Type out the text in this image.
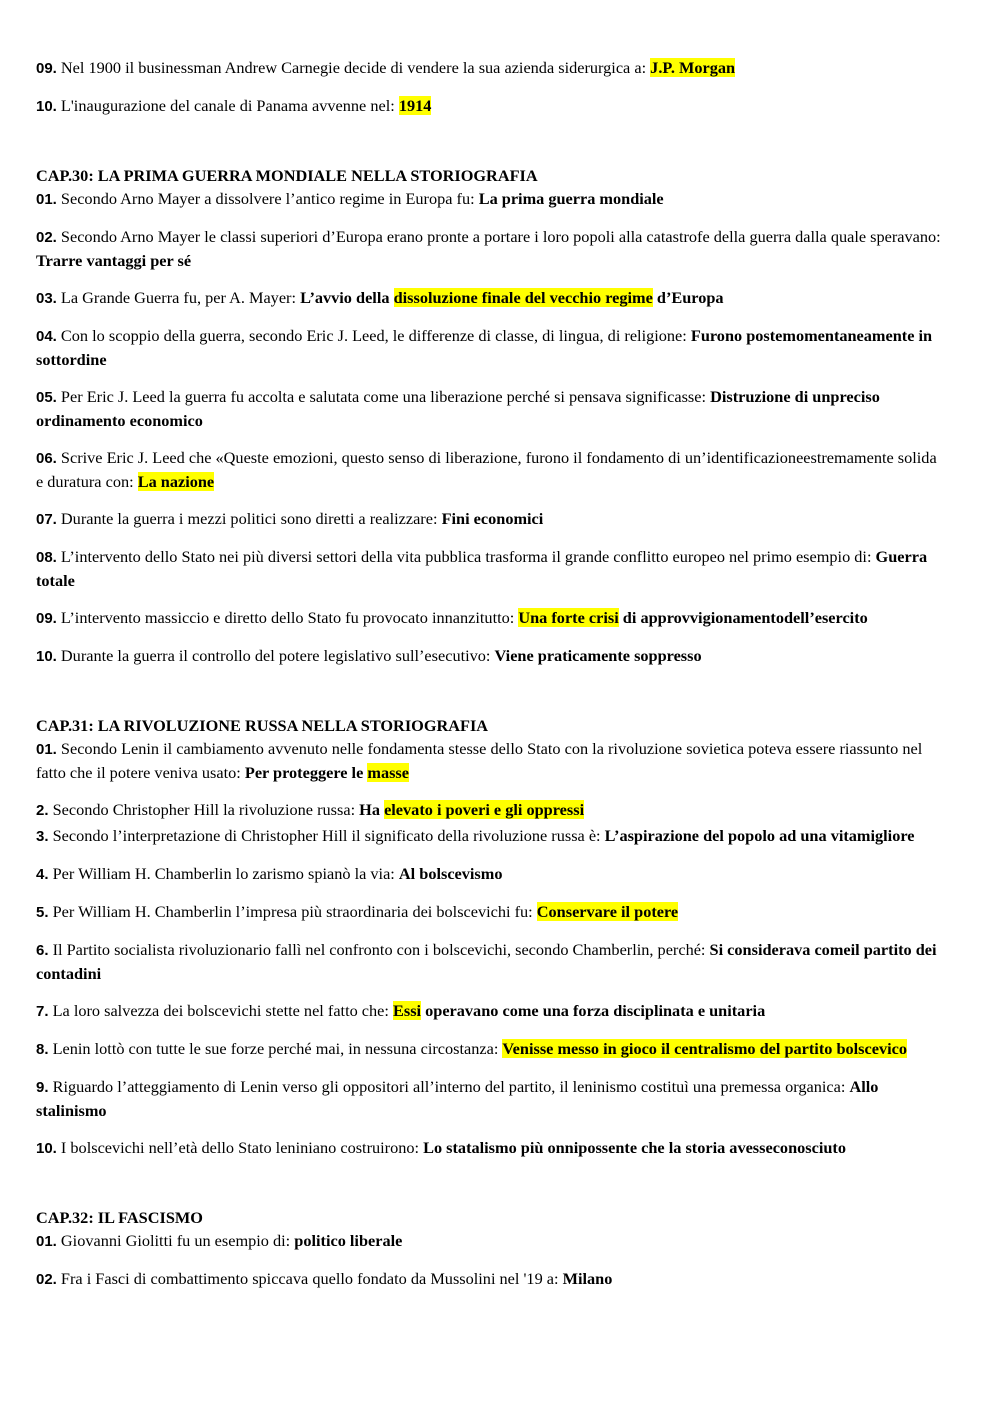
09. Nel 1900 il businessman Andrew Carnegie decide di vendere la sua azienda siderurgica a: J.P. Morgan

10. L'inaugurazione del canale di Panama avvenne nel: 1914

CAP.30: LA PRIMA GUERRA MONDIALE NELLA STORIOGRAFIA

01. Secondo Arno Mayer a dissolvere l’antico regime in Europa fu: La prima guerra mondiale

02. Secondo Arno Mayer le classi superiori d’Europa erano pronte a portare i loro popoli alla catastrofe della guerra dalla quale speravano: Trarre vantaggi per sé

03. La Grande Guerra fu, per A. Mayer: L’avvio della dissoluzione finale del vecchio regime d’Europa

04. Con lo scoppio della guerra, secondo Eric J. Leed, le differenze di classe, di lingua, di religione: Furono postemomentaneamente in sottordine

05. Per Eric J. Leed la guerra fu accolta e salutata come una liberazione perché si pensava significasse: Distruzione di unpreciso ordinamento economico

06. Scrive Eric J. Leed che «Queste emozioni, questo senso di liberazione, furono il fondamento di un’identificazioneestremamente solida e duratura con: La nazione

07. Durante la guerra i mezzi politici sono diretti a realizzare: Fini economici

08. L’intervento dello Stato nei più diversi settori della vita pubblica trasforma il grande conflitto europeo nel primo esempio di: Guerra totale

09. L’intervento massiccio e diretto dello Stato fu provocato innanzitutto: Una forte crisi di approvvigionamentodell’esercito

10. Durante la guerra il controllo del potere legislativo sull’esecutivo: Viene praticamente soppresso

CAP.31: LA RIVOLUZIONE RUSSA NELLA STORIOGRAFIA

01. Secondo Lenin il cambiamento avvenuto nelle fondamenta stesse dello Stato con la rivoluzione sovietica poteva essere riassunto nel fatto che il potere veniva usato: Per proteggere le masse

2. Secondo Christopher Hill la rivoluzione russa: Ha elevato i poveri e gli oppressi

3. Secondo l’interpretazione di Christopher Hill il significato della rivoluzione russa è: L’aspirazione del popolo ad una vitamigliore

4. Per William H. Chamberlin lo zarismo spianò la via: Al bolscevismo

5. Per William H. Chamberlin l’impresa più straordinaria dei bolscevichi fu: Conservare il potere

6. Il Partito socialista rivoluzionario fallì nel confronto con i bolscevichi, secondo Chamberlin, perché: Si considerava comeil partito dei contadini

7. La loro salvezza dei bolscevichi stette nel fatto che: Essi operavano come una forza disciplinata e unitaria

8. Lenin lottò con tutte le sue forze perché mai, in nessuna circostanza: Venisse messo in gioco il centralismo del partito bolscevico

9. Riguardo l’atteggiamento di Lenin verso gli oppositori all’interno del partito, il leninismo costituì una premessa organica: Allo stalinismo

10. I bolscevichi nell’età dello Stato leniniano costruirono: Lo statalismo più onnipossente che la storia avesseconosciuto

CAP.32: IL FASCISMO

01. Giovanni Giolitti fu un esempio di: politico liberale

02. Fra i Fasci di combattimento spiccava quello fondato da Mussolini nel '19 a: Milano
